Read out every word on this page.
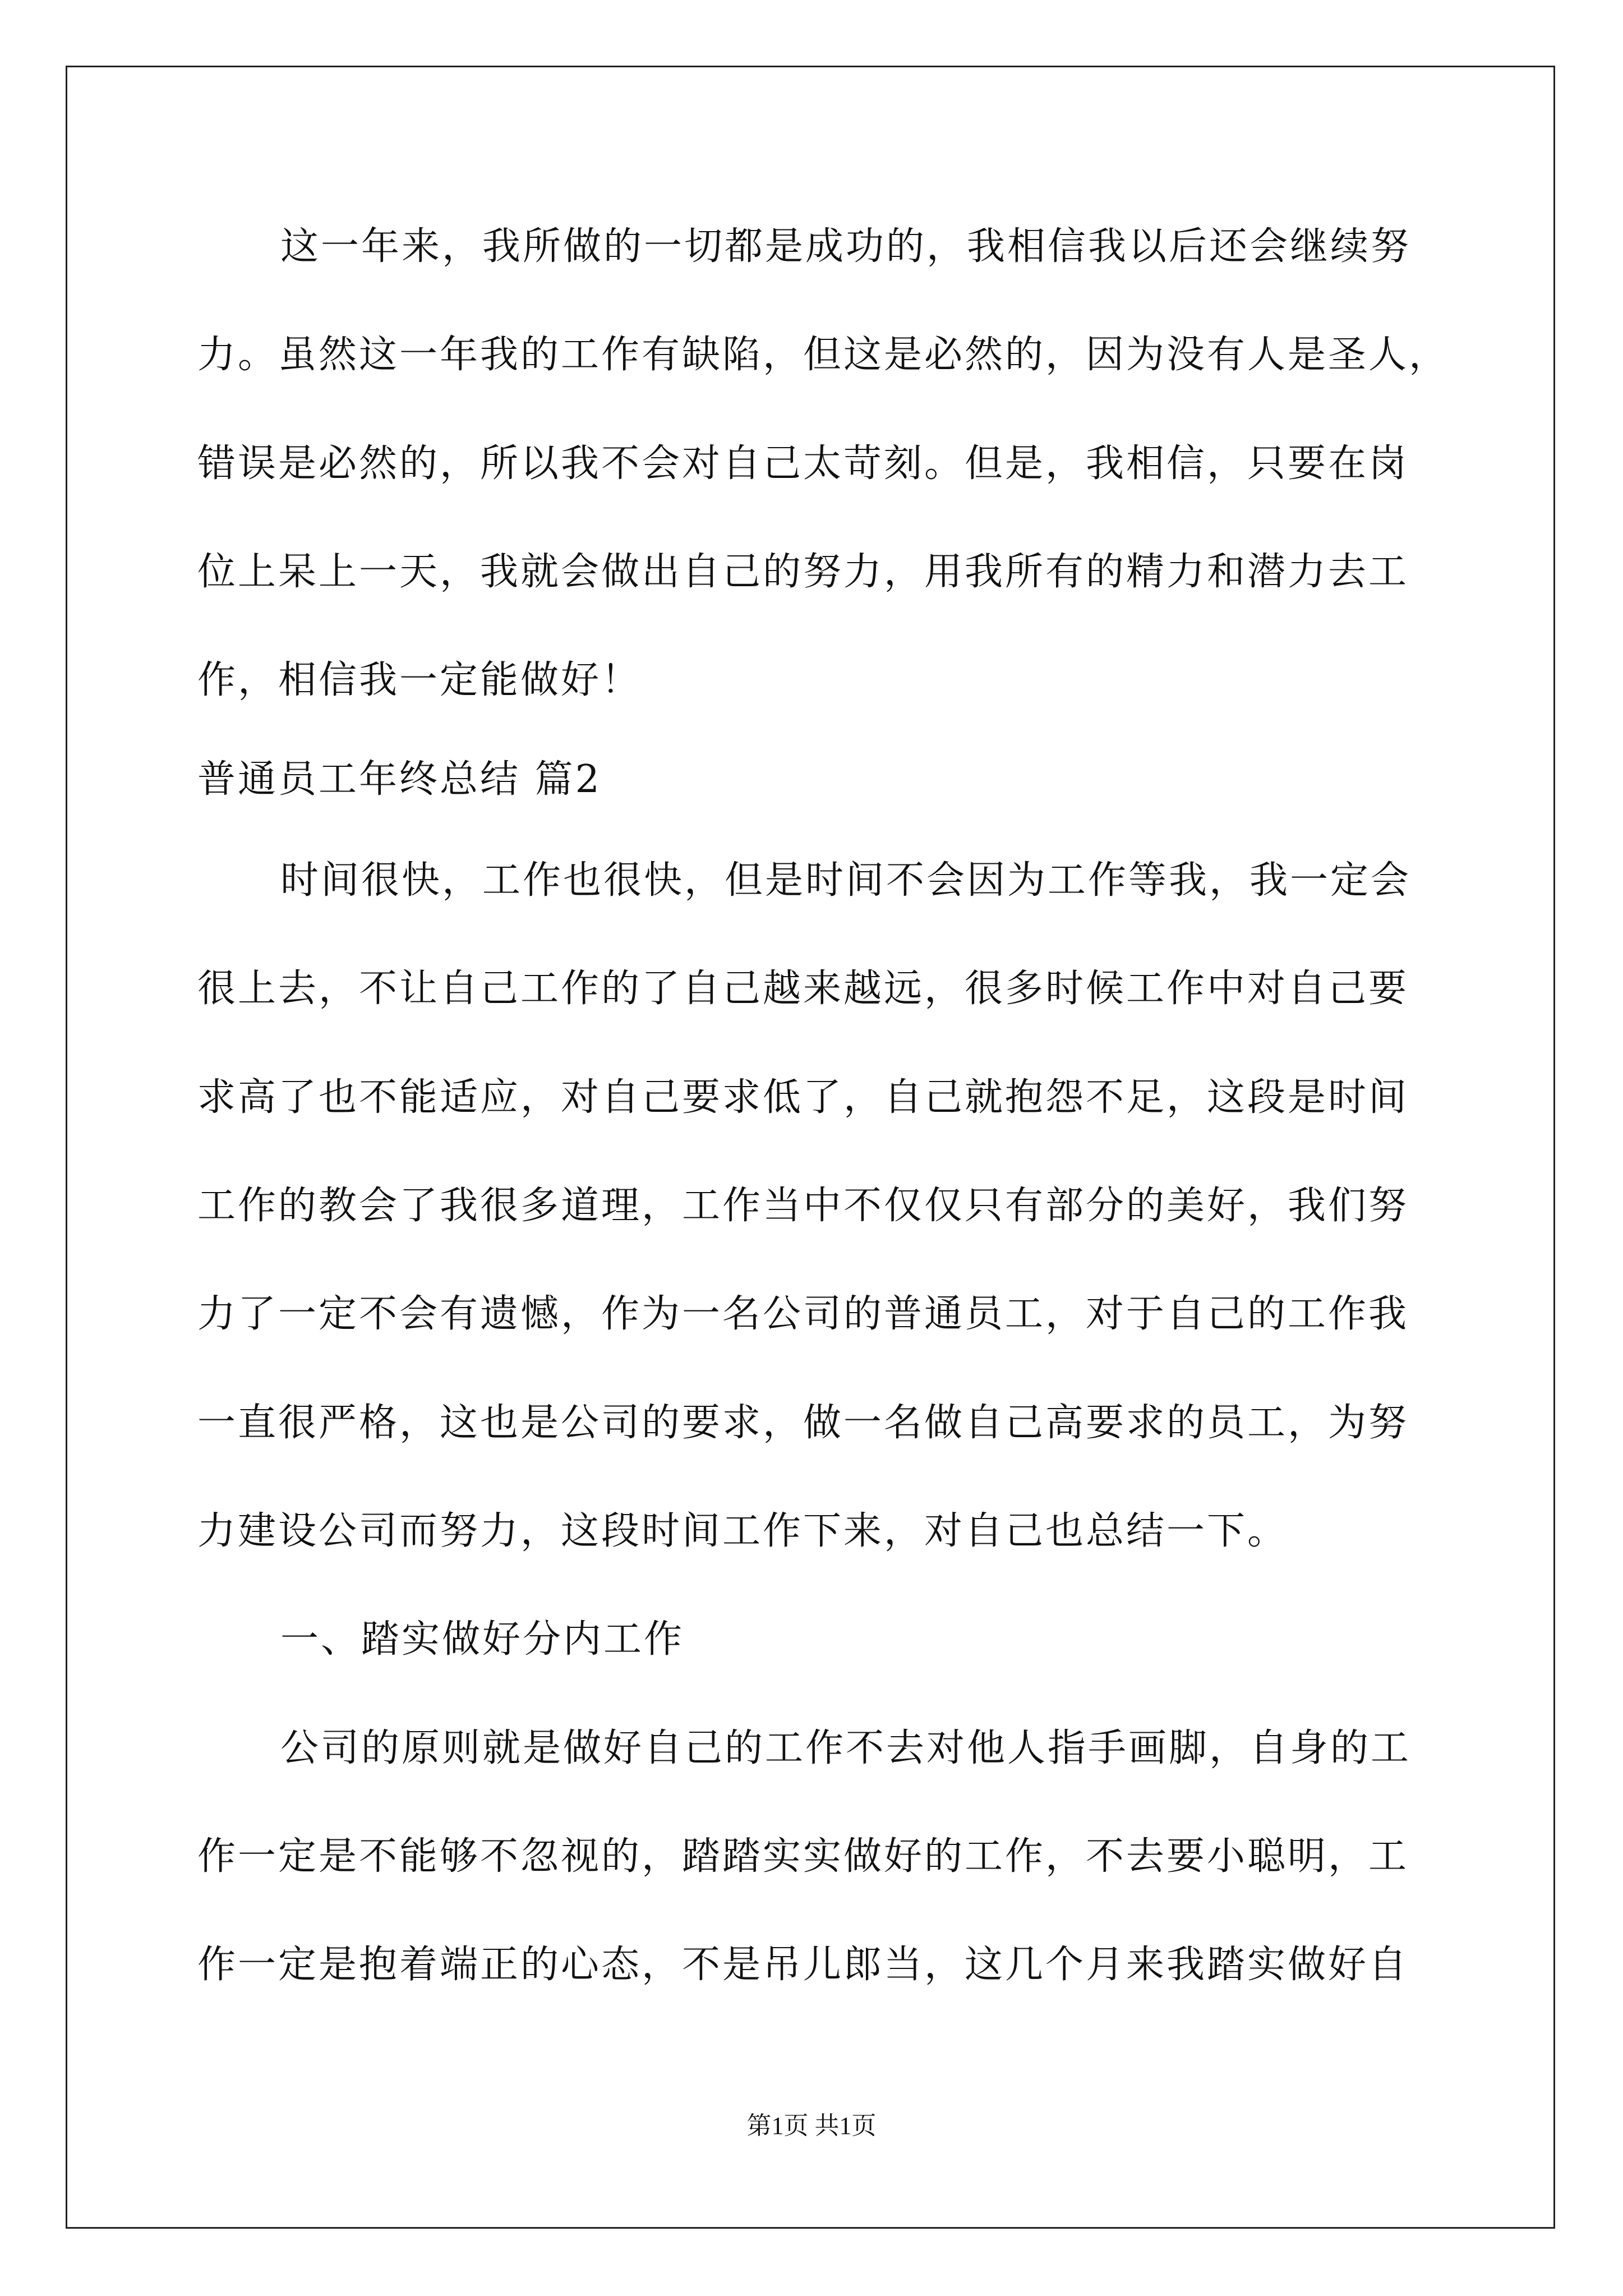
这一年来，我所做的一切都是成功的，我相信我以后还会继续努
力。虽然这一年我的工作有缺陷，但这是必然的，因为没有人是圣人，
错误是必然的，所以我不会对自己太苛刻。但是，我相信，只要在岗
位上呆上一天，我就会做出自己的努力，用我所有的精力和潜力去工
作，相信我一定能做好！
普通员工年终总结 篇2
时间很快，工作也很快，但是时间不会因为工作等我，我一定会
很上去，不让自己工作的了自己越来越远，很多时候工作中对自己要
求高了也不能适应，对自己要求低了，自己就抱怨不足，这段是时间
工作的教会了我很多道理，工作当中不仅仅只有部分的美好，我们努
力了一定不会有遗憾，作为一名公司的普通员工，对于自己的工作我
一直很严格，这也是公司的要求，做一名做自己高要求的员工，为努
力建设公司而努力，这段时间工作下来，对自己也总结一下。
一、踏实做好分内工作
公司的原则就是做好自己的工作不去对他人指手画脚，自身的工
作一定是不能够不忽视的，踏踏实实做好的工作，不去要小聪明，工
作一定是抱着端正的心态，不是吊儿郎当，这几个月来我踏实做好自
第1页 共1页
